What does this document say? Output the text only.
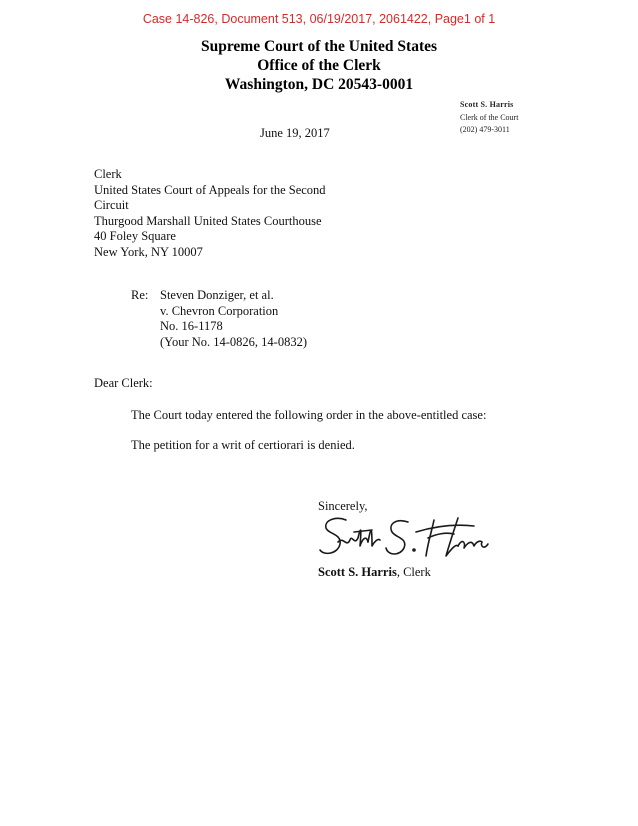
Case 14-826, Document 513, 06/19/2017, 2061422, Page1 of 1
Supreme Court of the United States
Office of the Clerk
Washington, DC 20543-0001
Scott S. Harris
Clerk of the Court
(202) 479-3011
June 19, 2017
Clerk
United States Court of Appeals for the Second
Circuit
Thurgood Marshall United States Courthouse
40 Foley Square
New York, NY 10007
Re: Steven Donziger, et al.
v. Chevron Corporation
No. 16-1178
(Your No. 14-0826, 14-0832)
Dear Clerk:
The Court today entered the following order in the above-entitled case:
The petition for a writ of certiorari is denied.
Sincerely,
Scott S. Harris, Clerk
